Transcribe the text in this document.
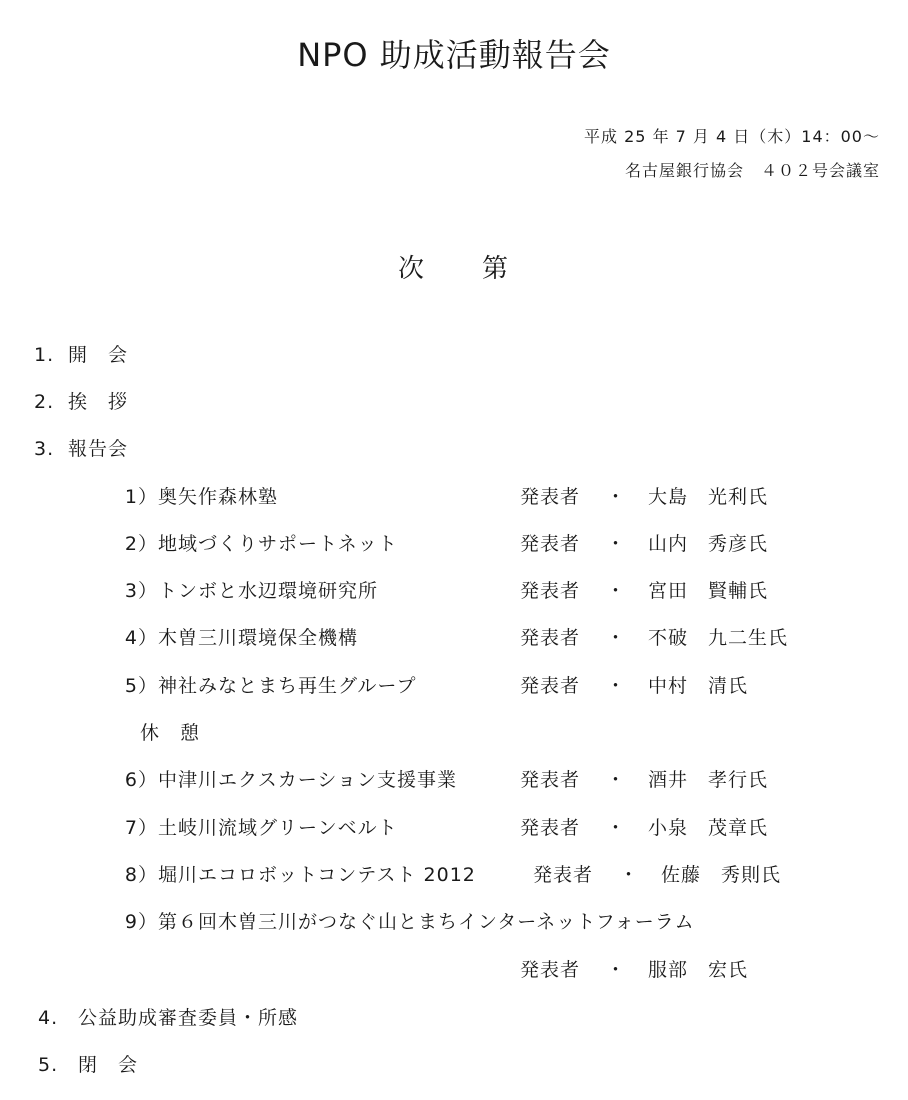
NPO 助成活動報告会
平成 25 年 7 月 4 日（木）14：00～
名古屋銀行協会　４０２号会議室
次　　第
1. 開　会
2. 挨　拶
3. 報告会
1）奥矢作森林塾	発表者 ・ 大島　光利氏
2）地域づくりサポートネット	発表者 ・ 山内　秀彦氏
3）トンボと水辺環境研究所	発表者 ・ 宮田　賢輔氏
4）木曽三川環境保全機構	発表者 ・ 不破　九二生氏
5）神社みなとまち再生グループ	発表者 ・ 中村　清氏
休　憩
6）中津川エクスカーション支援事業	発表者 ・ 酒井　孝行氏
7）土岐川流域グリーンベルト	発表者 ・ 小泉　茂章氏
8）堀川エコロボットコンテスト 2012	発表者 ・ 佐藤　秀則氏
9）第６回木曽三川がつなぐ山とまちインターネットフォーラム
発表者 ・ 服部　宏氏
4. 公益助成審査委員・所感
5. 閉　会
